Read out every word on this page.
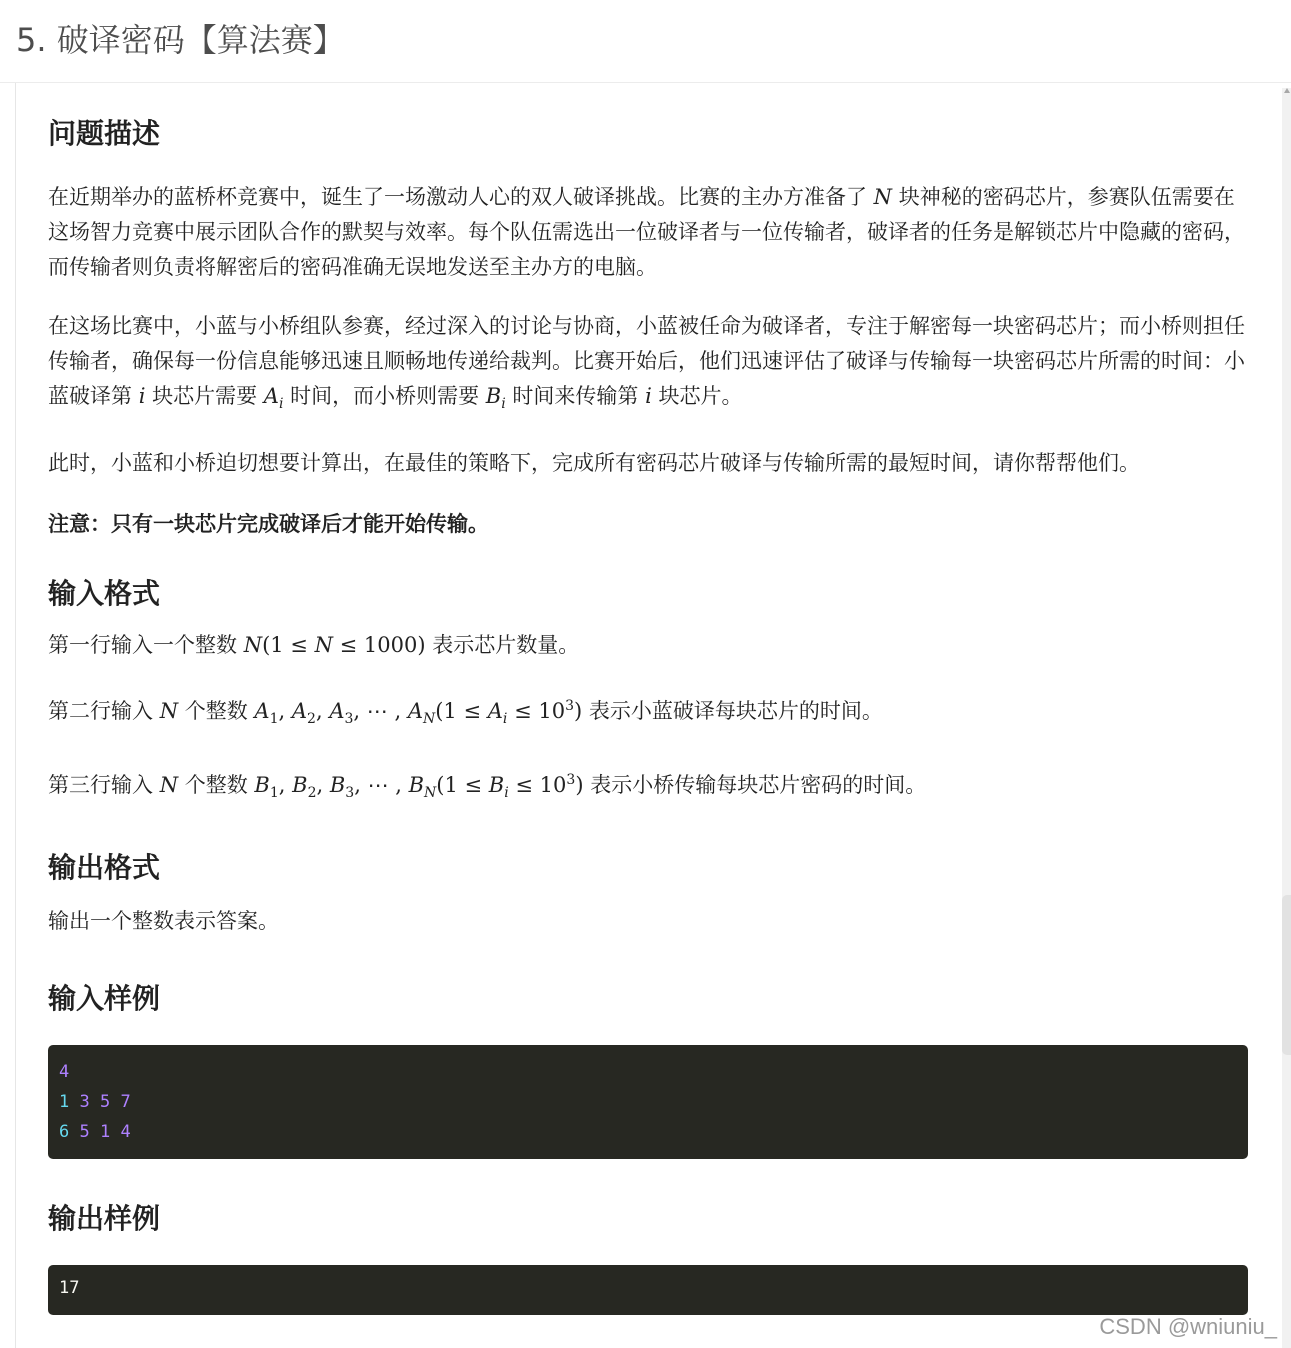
5. 破译密码【算法赛】
问题描述

在近期举办的蓝桥杯竞赛中，诞生了一场激动人心的双人破译挑战。比赛的主办方准备了 N 块神秘的密码芯片，参赛队伍需要在这场智力竞赛中展示团队合作的默契与效率。每个队伍需选出一位破译者与一位传输者，破译者的任务是解锁芯片中隐藏的密码，而传输者则负责将解密后的密码准确无误地发送至主办方的电脑。

在这场比赛中，小蓝与小桥组队参赛，经过深入的讨论与协商，小蓝被任命为破译者，专注于解密每一块密码芯片；而小桥则担任传输者，确保每一份信息能够迅速且顺畅地传递给裁判。比赛开始后，他们迅速评估了破译与传输每一块密码芯片所需的时间：小蓝破译第 i 块芯片需要 $A_i$ 时间，而小桥则需要 $B_i$ 时间来传输第 i 块芯片。

此时，小蓝和小桥迫切想要计算出，在最佳的策略下，完成所有密码芯片破译与传输所需的最短时间，请你帮帮他们。

注意：只有一块芯片完成破译后才能开始传输。

输入格式

第一行输入一个整数 N(1 ≤ N ≤ 1000) 表示芯片数量。

第二行输入 N 个整数 $A_1$, $A_2$, $A_3$, ⋯ , $A_N(1 \le A_i \le 10^3)$ 表示小蓝破译每块芯片的时间。

第三行输入 N 个整数 $B_1$, $B_2$, $B_3$, ⋯ , $B_N(1 \le B_i \le 10^3)$ 表示小桥传输每块芯片密码的时间。

输出格式

输出一个整数表示答案。

输入样例
4
1 3 5 7
6 5 1 4
输出样例
17
CSDN @wniuniu_
